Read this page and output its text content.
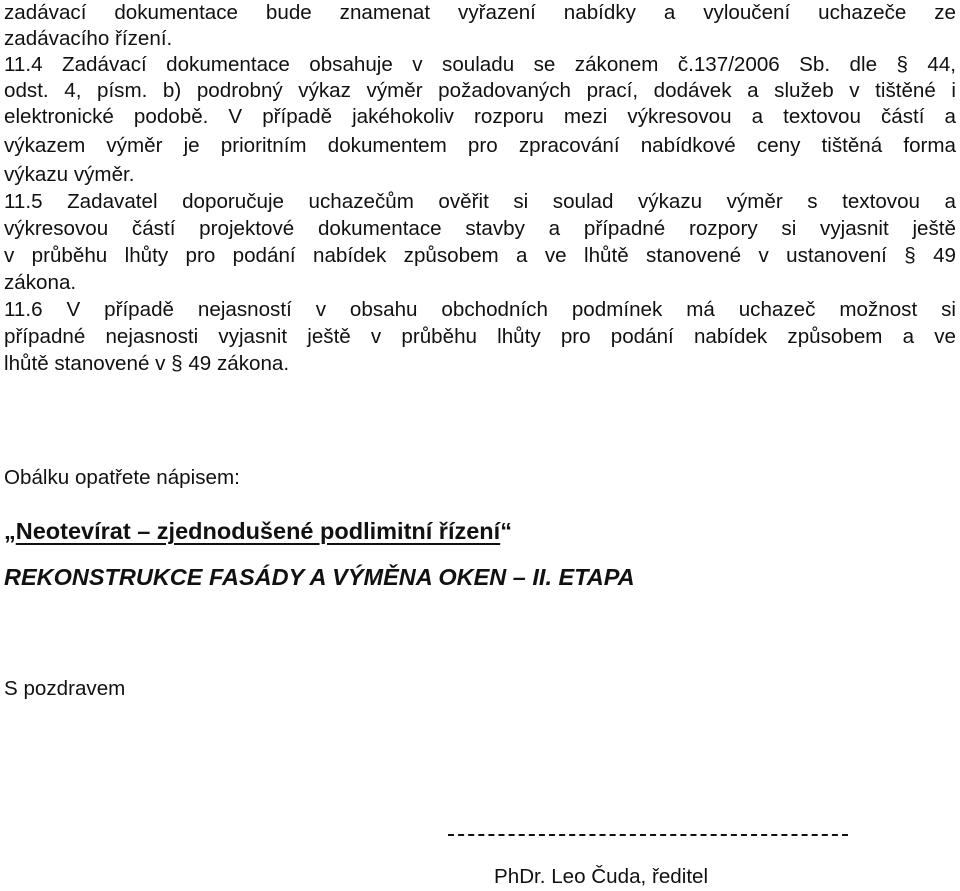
zadávací dokumentace bude znamenat vyřazení nabídky a vyloučení uchazeče ze

zadávacího řízení.

11.4 Zadávací dokumentace obsahuje v souladu se zákonem č.137/2006 Sb. dle § 44,

odst. 4, písm. b) podrobný výkaz výměr požadovaných prací, dodávek a služeb v tištěné i

elektronické podobě. V případě jakéhokoliv rozporu mezi výkresovou a textovou částí a

výkazem výměr je prioritním dokumentem pro zpracování nabídkové ceny tištěná forma

výkazu výměr.

11.5 Zadavatel doporučuje uchazečům ověřit si soulad výkazu výměr s textovou a

výkresovou částí projektové dokumentace stavby a případné rozpory si vyjasnit ještě

v průběhu lhůty pro podání nabídek způsobem a ve lhůtě stanovené v ustanovení § 49

zákona.

11.6 V případě nejasností v obsahu obchodních podmínek má uchazeč možnost si

případné nejasnosti vyjasnit ještě v průběhu lhůty pro podání nabídek způsobem a ve

lhůtě stanovené v § 49 zákona.

Obálku opatřete nápisem:
„Neotevírat – zjednodušené podlimitní řízení“
REKONSTRUKCE FASÁDY A VÝMĚNA OKEN – II. ETAPA
S pozdravem
PhDr. Leo Čuda, ředitel
